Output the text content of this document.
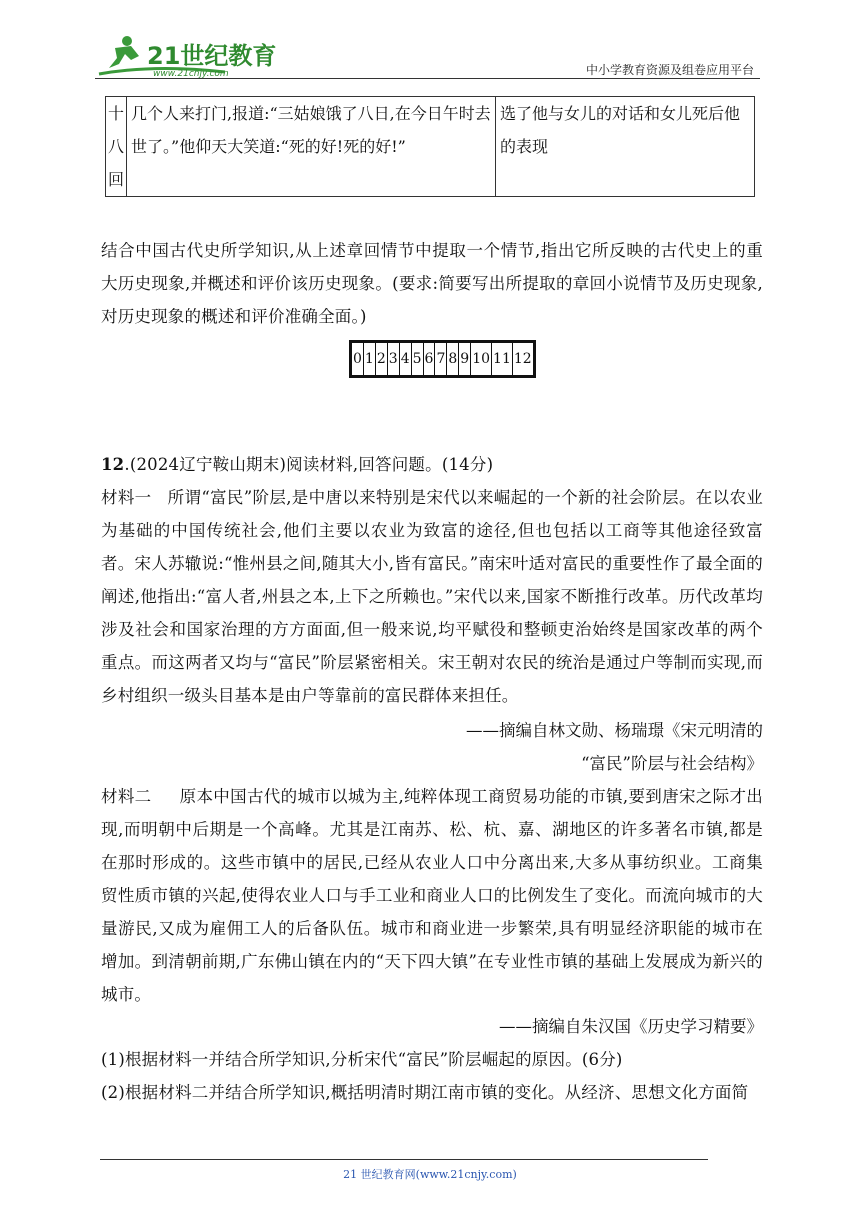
21世纪教育
www.21cnjy.com	中小学教育资源及组卷应用平台
十
八
回
	几个人来打门,报道:“三姑娘饿了八日,在今日午时去世了。”他仰天大笑道:“死的好!死的好!”	选了他与女儿的对话和女儿死后他的表现
结合中国古代史所学知识,从上述章回情节中提取一个情节,指出它所反映的古代史上的重大历史现象,并概述和评价该历史现象。(要求:简要写出所提取的章回小说情节及历史现象,对历史现象的概述和评价准确全面。)
0 1 2 3 4 5 6 7 8 9 10 11 12
12.(2024辽宁鞍山期末)阅读材料,回答问题。(14分)
材料一 所谓“富民”阶层,是中唐以来特别是宋代以来崛起的一个新的社会阶层。在以农业为基础的中国传统社会,他们主要以农业为致富的途径,但也包括以工商等其他途径致富者。宋人苏辙说:“惟州县之间,随其大小,皆有富民。”南宋叶适对富民的重要性作了最全面的阐述,他指出:“富人者,州县之本,上下之所赖也。”宋代以来,国家不断推行改革。历代改革均涉及社会和国家治理的方方面面,但一般来说,均平赋役和整顿吏治始终是国家改革的两个重点。而这两者又均与“富民”阶层紧密相关。宋王朝对农民的统治是通过户等制而实现,而乡村组织一级头目基本是由户等靠前的富民群体来担任。
——摘编自林文勋、杨瑞璟《宋元明清的
“富民”阶层与社会结构》
材料二 原本中国古代的城市以城为主,纯粹体现工商贸易功能的市镇,要到唐宋之际才出现,而明朝中后期是一个高峰。尤其是江南苏、松、杭、嘉、湖地区的许多著名市镇,都是在那时形成的。这些市镇中的居民,已经从农业人口中分离出来,大多从事纺织业。工商集贸性质市镇的兴起,使得农业人口与手工业和商业人口的比例发生了变化。而流向城市的大量游民,又成为雇佣工人的后备队伍。城市和商业进一步繁荣,具有明显经济职能的城市在增加。到清朝前期,广东佛山镇在内的“天下四大镇”在专业性市镇的基础上发展成为新兴的城市。
——摘编自朱汉国《历史学习精要》
(1)根据材料一并结合所学知识,分析宋代“富民”阶层崛起的原因。(6分)
(2)根据材料二并结合所学知识,概括明清时期江南市镇的变化。从经济、思想文化方面简
21 世纪教育网(www.21cnjy.com)
